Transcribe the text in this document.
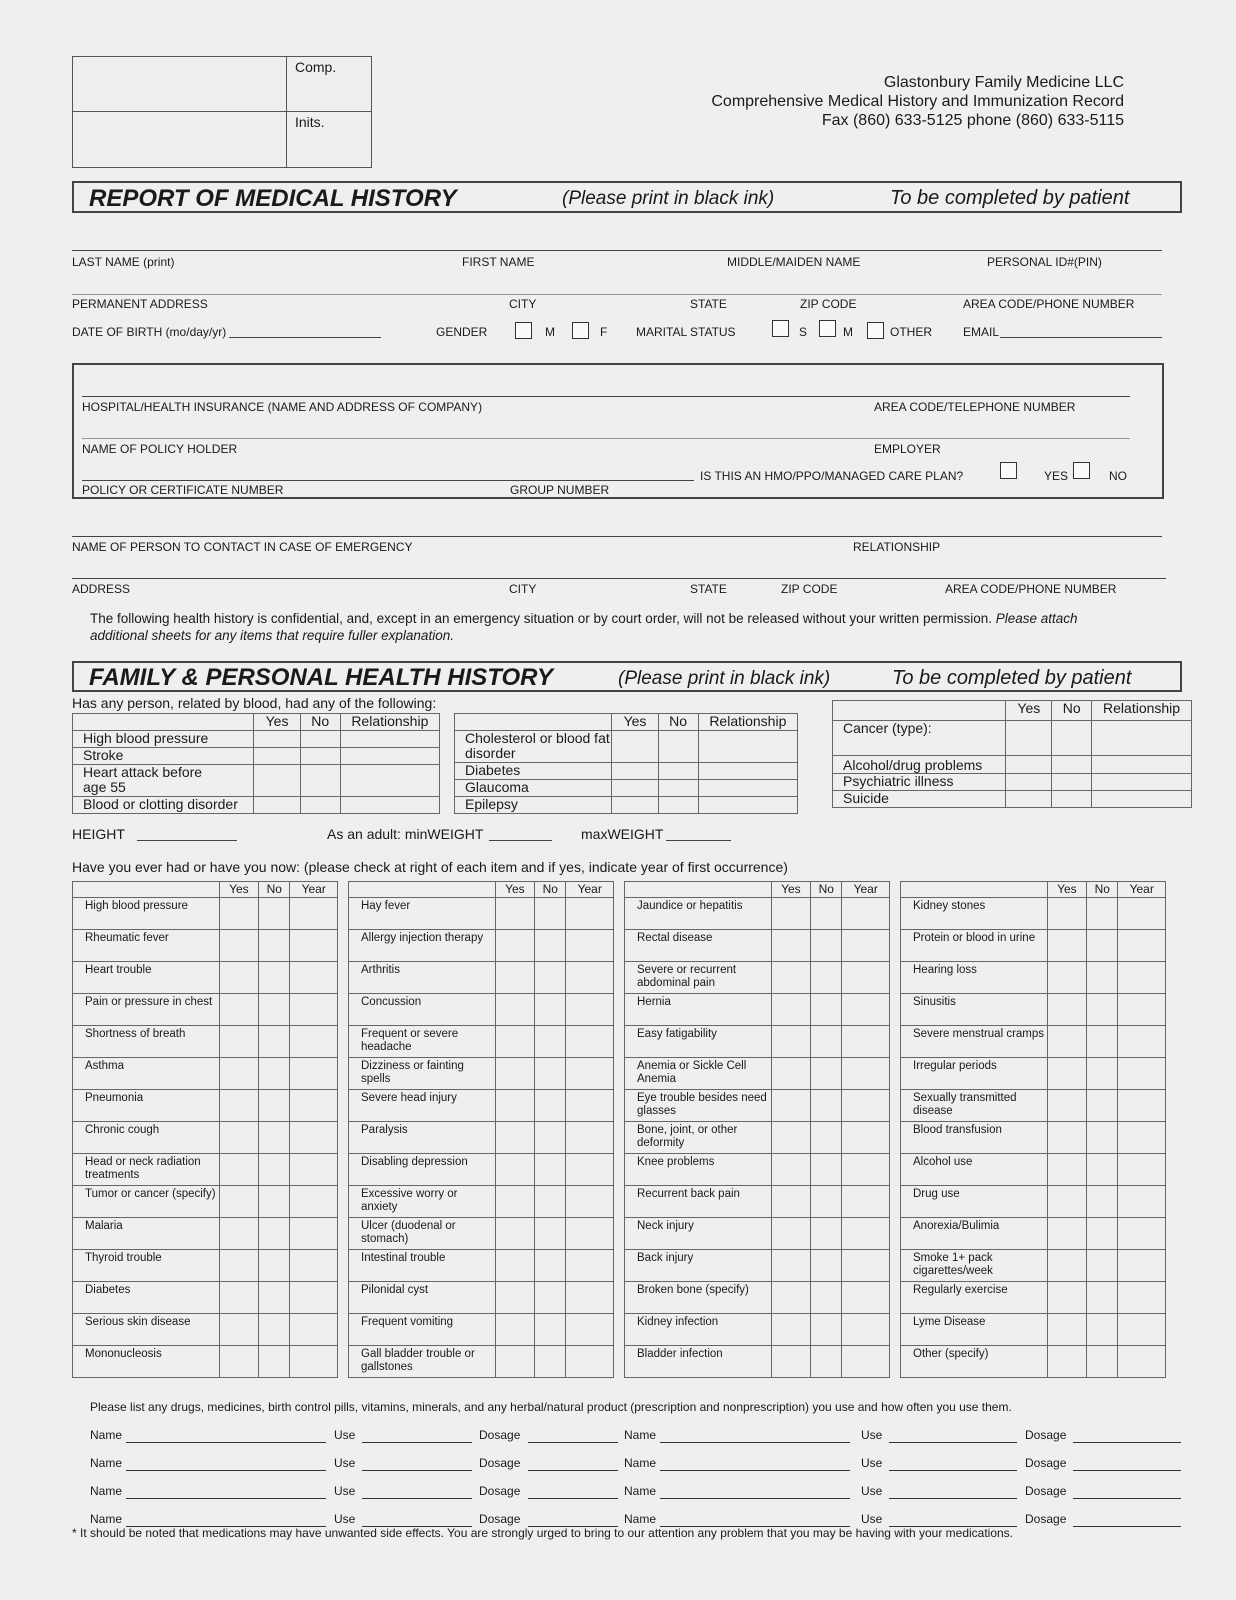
Comp.
Inits.
Glastonbury Family Medicine LLC
Comprehensive Medical History and Immunization Record
Fax (860) 633-5125 phone (860) 633-5115
REPORT OF MEDICAL HISTORY	(Please print in black ink)	To be completed by patient
LAST NAME (print)	FIRST NAME	MIDDLE/MAIDEN NAME	PERSONAL ID#(PIN)
PERMANENT ADDRESS	CITY	STATE	ZIP CODE	AREA CODE/PHONE NUMBER
DATE OF BIRTH (mo/day/yr)	GENDER	M	F MARITAL STATUS	S	M	OTHER	EMAIL
HOSPITAL/HEALTH INSURANCE (NAME AND ADDRESS OF COMPANY)	AREA CODE/TELEPHONE NUMBER
NAME OF POLICY HOLDER	EMPLOYER
POLICY OR CERTIFICATE NUMBER	GROUP NUMBER
IS THIS AN HMO/PPO/MANAGED CARE PLAN?	YES	NO
NAME OF PERSON TO CONTACT IN CASE OF EMERGENCY	RELATIONSHIP
ADDRESS	CITY	STATE	ZIP CODE	AREA CODE/PHONE NUMBER
The following health history is confidential, and, except in an emergency situation or by court order, will not be released without your written permission. Please attach additional sheets for any items that require fuller explanation.
FAMILY & PERSONAL HEALTH HISTORY	(Please print in black ink)	To be completed by patient
Has any person, related by blood, had any of the following:
	Yes	No	Relationship
High blood pressure			
Stroke			
Heart attack before age 55			
Blood or clotting disorder			
	Yes	No	Relationship
Cholesterol or blood fat disorder			
Diabetes			
Glaucoma			
Epilepsy			
	Yes	No	Relationship
Cancer (type):			
Alcohol/drug problems			
Psychiatric illness			
Suicide			
HEIGHT	As an adult: minWEIGHT	maxWEIGHT
Have you ever had or have you now: (please check at right of each item and if yes, indicate year of first occurrence)
	Yes	No	Year
High blood pressure			
Rheumatic fever			
Heart trouble			
Pain or pressure in chest			
Shortness of breath			
Asthma			
Pneumonia			
Chronic cough			
Head or neck radiation treatments			
Tumor or cancer (specify)			
Malaria			
Thyroid trouble			
Diabetes			
Serious skin disease			
Mononucleosis			
	Yes	No	Year
Hay fever			
Allergy injection therapy			
Arthritis			
Concussion			
Frequent or severe headache			
Dizziness or fainting spells			
Severe head injury			
Paralysis			
Disabling depression			
Excessive worry or anxiety			
Ulcer (duodenal or stomach)			
Intestinal trouble			
Pilonidal cyst			
Frequent vomiting			
Gall bladder trouble or gallstones			
	Yes	No	Year
Jaundice or hepatitis			
Rectal disease			
Severe or recurrent abdominal pain			
Hernia			
Easy fatigability			
Anemia or Sickle Cell Anemia			
Eye trouble besides need glasses			
Bone, joint, or other deformity			
Knee problems			
Recurrent back pain			
Neck injury			
Back injury			
Broken bone (specify)			
Kidney infection			
Bladder infection			
	Yes	No	Year
Kidney stones			
Protein or blood in urine			
Hearing loss			
Sinusitis			
Severe menstrual cramps			
Irregular periods			
Sexually transmitted disease			
Blood transfusion			
Alcohol use			
Drug use			
Anorexia/Bulimia			
Smoke 1+ pack cigarettes/week			
Regularly exercise			
Lyme Disease			
Other (specify)			
Please list any drugs, medicines, birth control pills, vitamins, minerals, and any herbal/natural product (prescription and nonprescription) you use and how often you use them.
Name	Use	Dosage	Name	Use	Dosage
Name	Use	Dosage	Name	Use	Dosage
Name	Use	Dosage	Name	Use	Dosage
Name	Use	Dosage	Name	Use	Dosage
* It should be noted that medications may have unwanted side effects. You are strongly urged to bring to our attention any problem that you may be having with your medications.
